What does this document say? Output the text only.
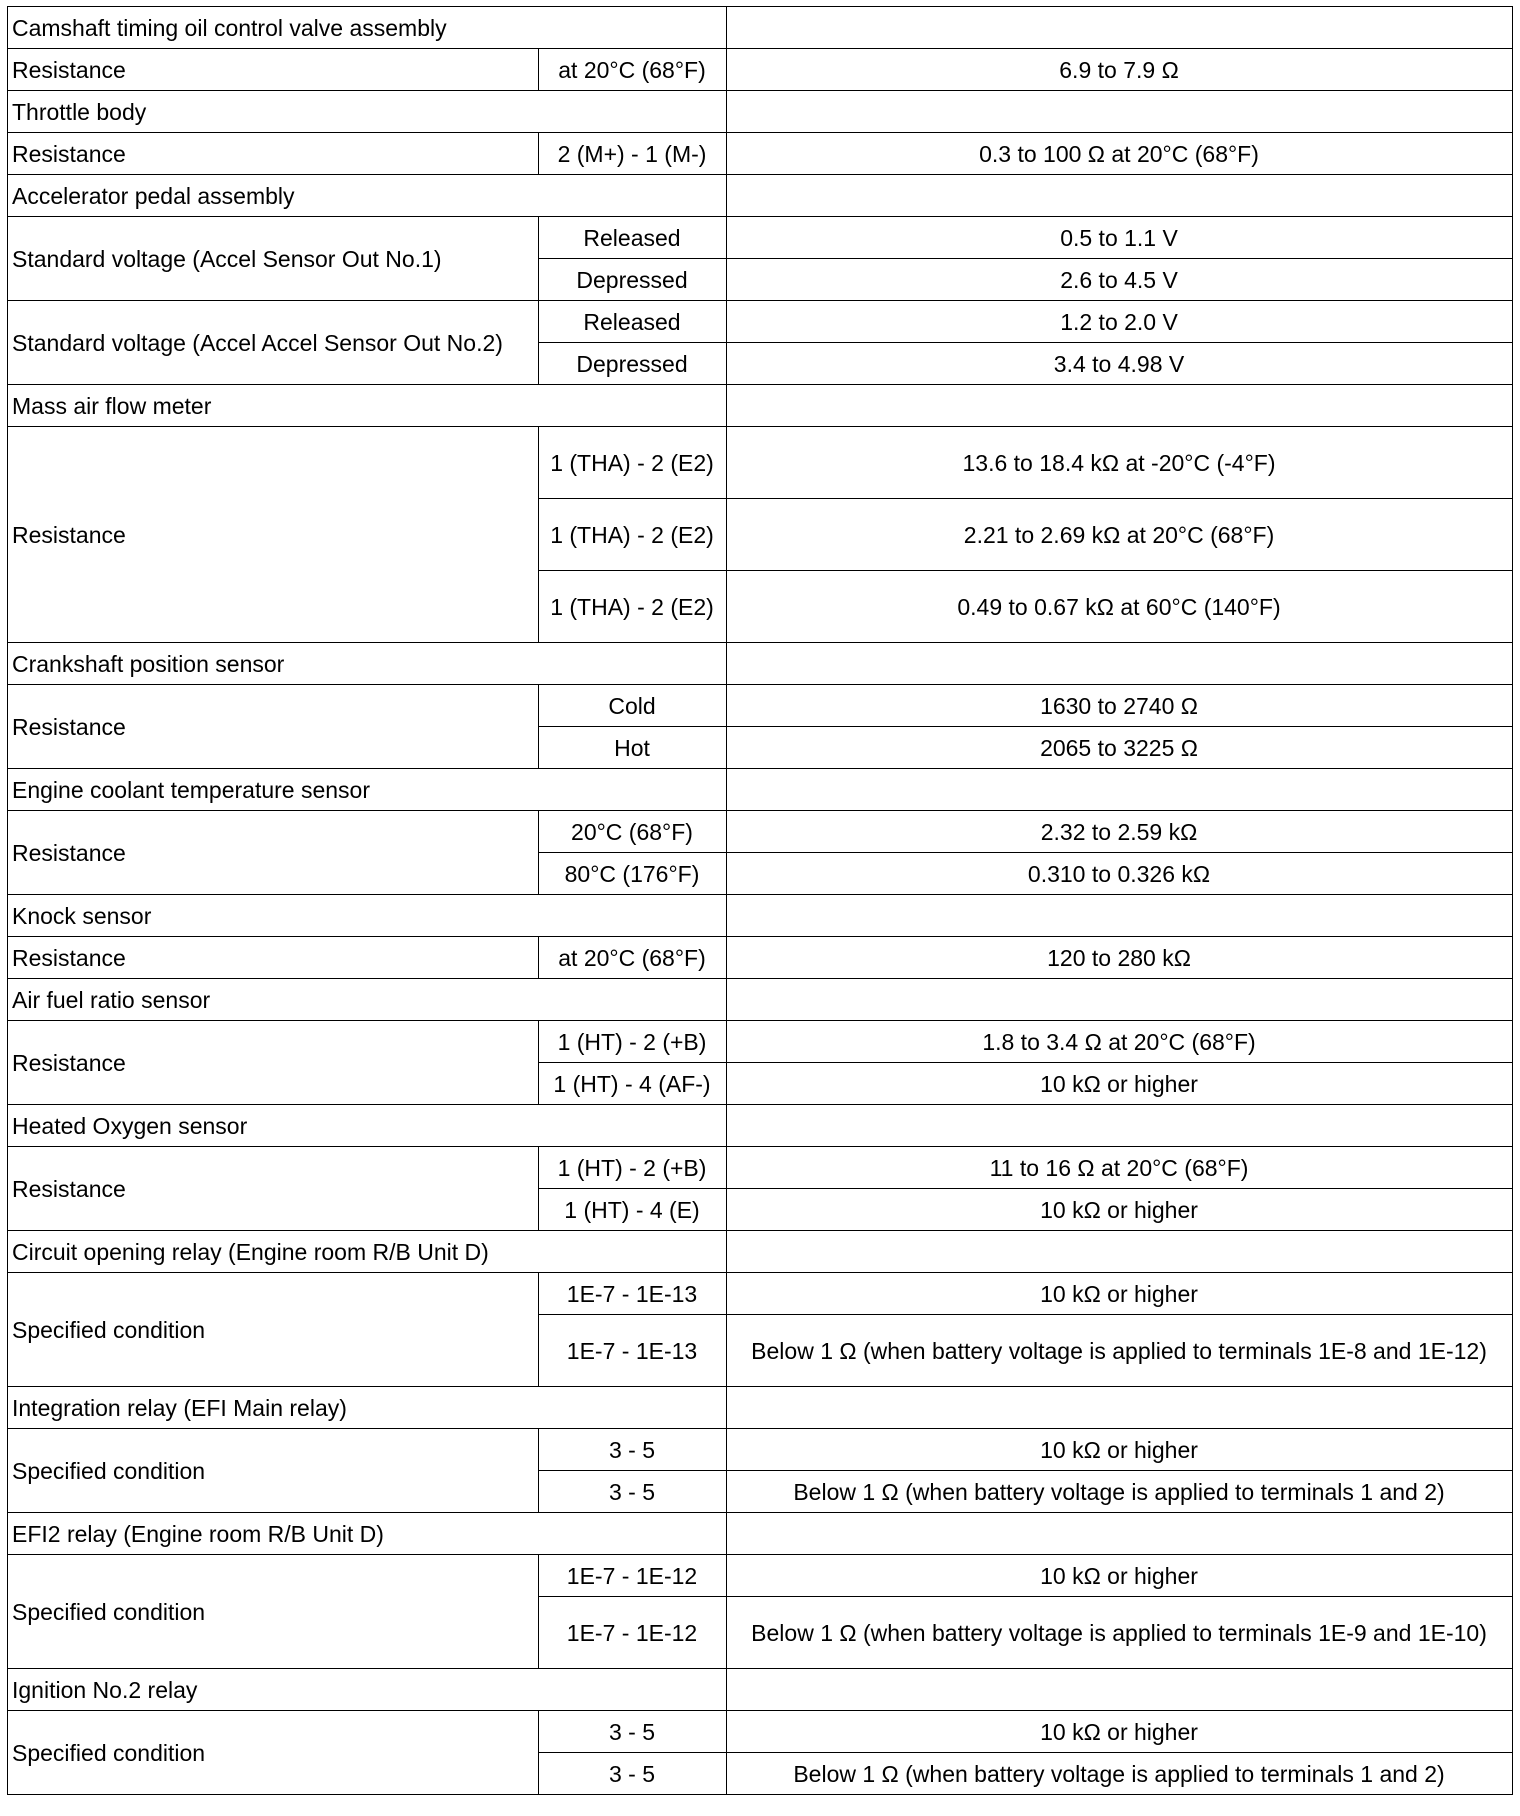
Camshaft timing oil control valve assembly		
Resistance	at 20°C (68°F)	6.9 to 7.9 Ω
Throttle body		
Resistance	2 (M+) - 1 (M-)	0.3 to 100 Ω at 20°C (68°F)
Accelerator pedal assembly		
Standard voltage (Accel Sensor Out No.1)	Released	0.5 to 1.1 V
	Depressed	2.6 to 4.5 V
Standard voltage (Accel Accel Sensor Out No.2)	Released	1.2 to 2.0 V
	Depressed	3.4 to 4.98 V
Mass air flow meter		
Resistance	1 (THA) - 2 (E2)	13.6 to 18.4 kΩ at -20°C (-4°F)
	1 (THA) - 2 (E2)	2.21 to 2.69 kΩ at 20°C (68°F)
	1 (THA) - 2 (E2)	0.49 to 0.67 kΩ at 60°C (140°F)
Crankshaft position sensor		
Resistance	Cold	1630 to 2740 Ω
	Hot	2065 to 3225 Ω
Engine coolant temperature sensor		
Resistance	20°C (68°F)	2.32 to 2.59 kΩ
	80°C (176°F)	0.310 to 0.326 kΩ
Knock sensor		
Resistance	at 20°C (68°F)	120 to 280 kΩ
Air fuel ratio sensor		
Resistance	1 (HT) - 2 (+B)	1.8 to 3.4 Ω at 20°C (68°F)
	1 (HT) - 4 (AF-)	10 kΩ or higher
Heated Oxygen sensor		
Resistance	1 (HT) - 2 (+B)	11 to 16 Ω at 20°C (68°F)
	1 (HT) - 4 (E)	10 kΩ or higher
Circuit opening relay (Engine room R/B Unit D)		
Specified condition	1E-7 - 1E-13	10 kΩ or higher
	1E-7 - 1E-13	Below 1 Ω (when battery voltage is applied to terminals 1E-8 and 1E-12)
Integration relay (EFI Main relay)		
Specified condition	3 - 5	10 kΩ or higher
	3 - 5	Below 1 Ω (when battery voltage is applied to terminals 1 and 2)
EFI2 relay (Engine room R/B Unit D)		
Specified condition	1E-7 - 1E-12	10 kΩ or higher
	1E-7 - 1E-12	Below 1 Ω (when battery voltage is applied to terminals 1E-9 and 1E-10)
Ignition No.2 relay		
Specified condition	3 - 5	10 kΩ or higher
	3 - 5	Below 1 Ω (when battery voltage is applied to terminals 1 and 2)
